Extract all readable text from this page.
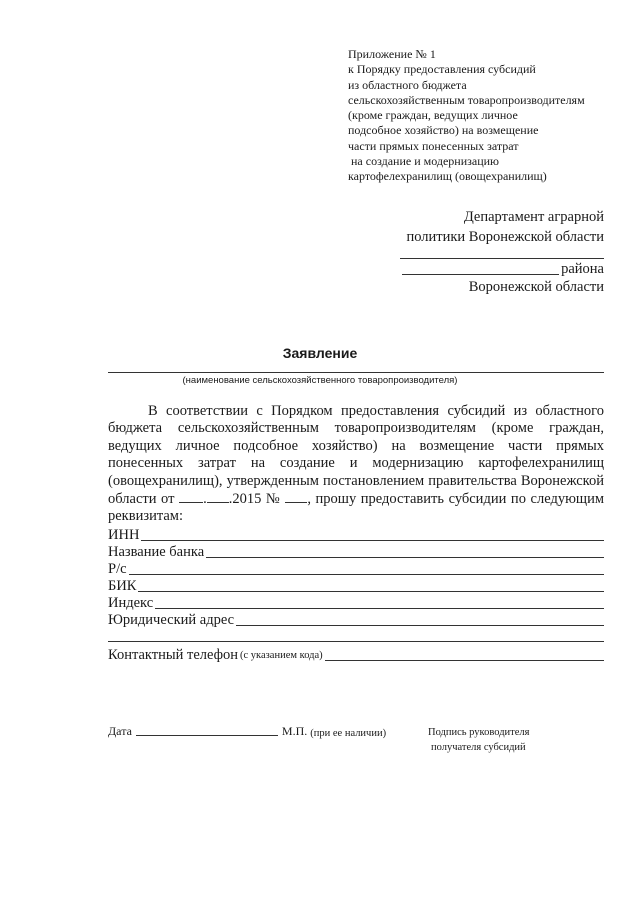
Приложение № 1
к Порядку предоставления субсидий
из областного бюджета
сельскохозяйственным товаропроизводителям
(кроме граждан, ведущих личное
подсобное хозяйство) на возмещение
части прямых понесенных затрат
на создание и модернизацию
картофелехранилищ (овощехранилищ)
Департамент аграрной
политики Воронежской области
района
Воронежской области
Заявление
(наименование сельскохозяйственного товаропроизводителя)
В соответствии с Порядком предоставления субсидий из областного бюджета сельскохозяйственным товаропроизводителям (кроме граждан, ведущих личное подсобное хозяйство) на возмещение части прямых понесенных затрат на создание и модернизацию картофелехранилищ (овощехранилищ), утвержденным постановлением правительства Воронежской области от . .2015 № , прошу предоставить субсидии по следующим реквизитам:
ИНН
Название банка
Р/с
БИК
Индекс
Юридический адрес
Контактный телефон (с указанием кода)
Дата	М.П. (при ее наличии)	Подпись руководителя
получателя субсидий
